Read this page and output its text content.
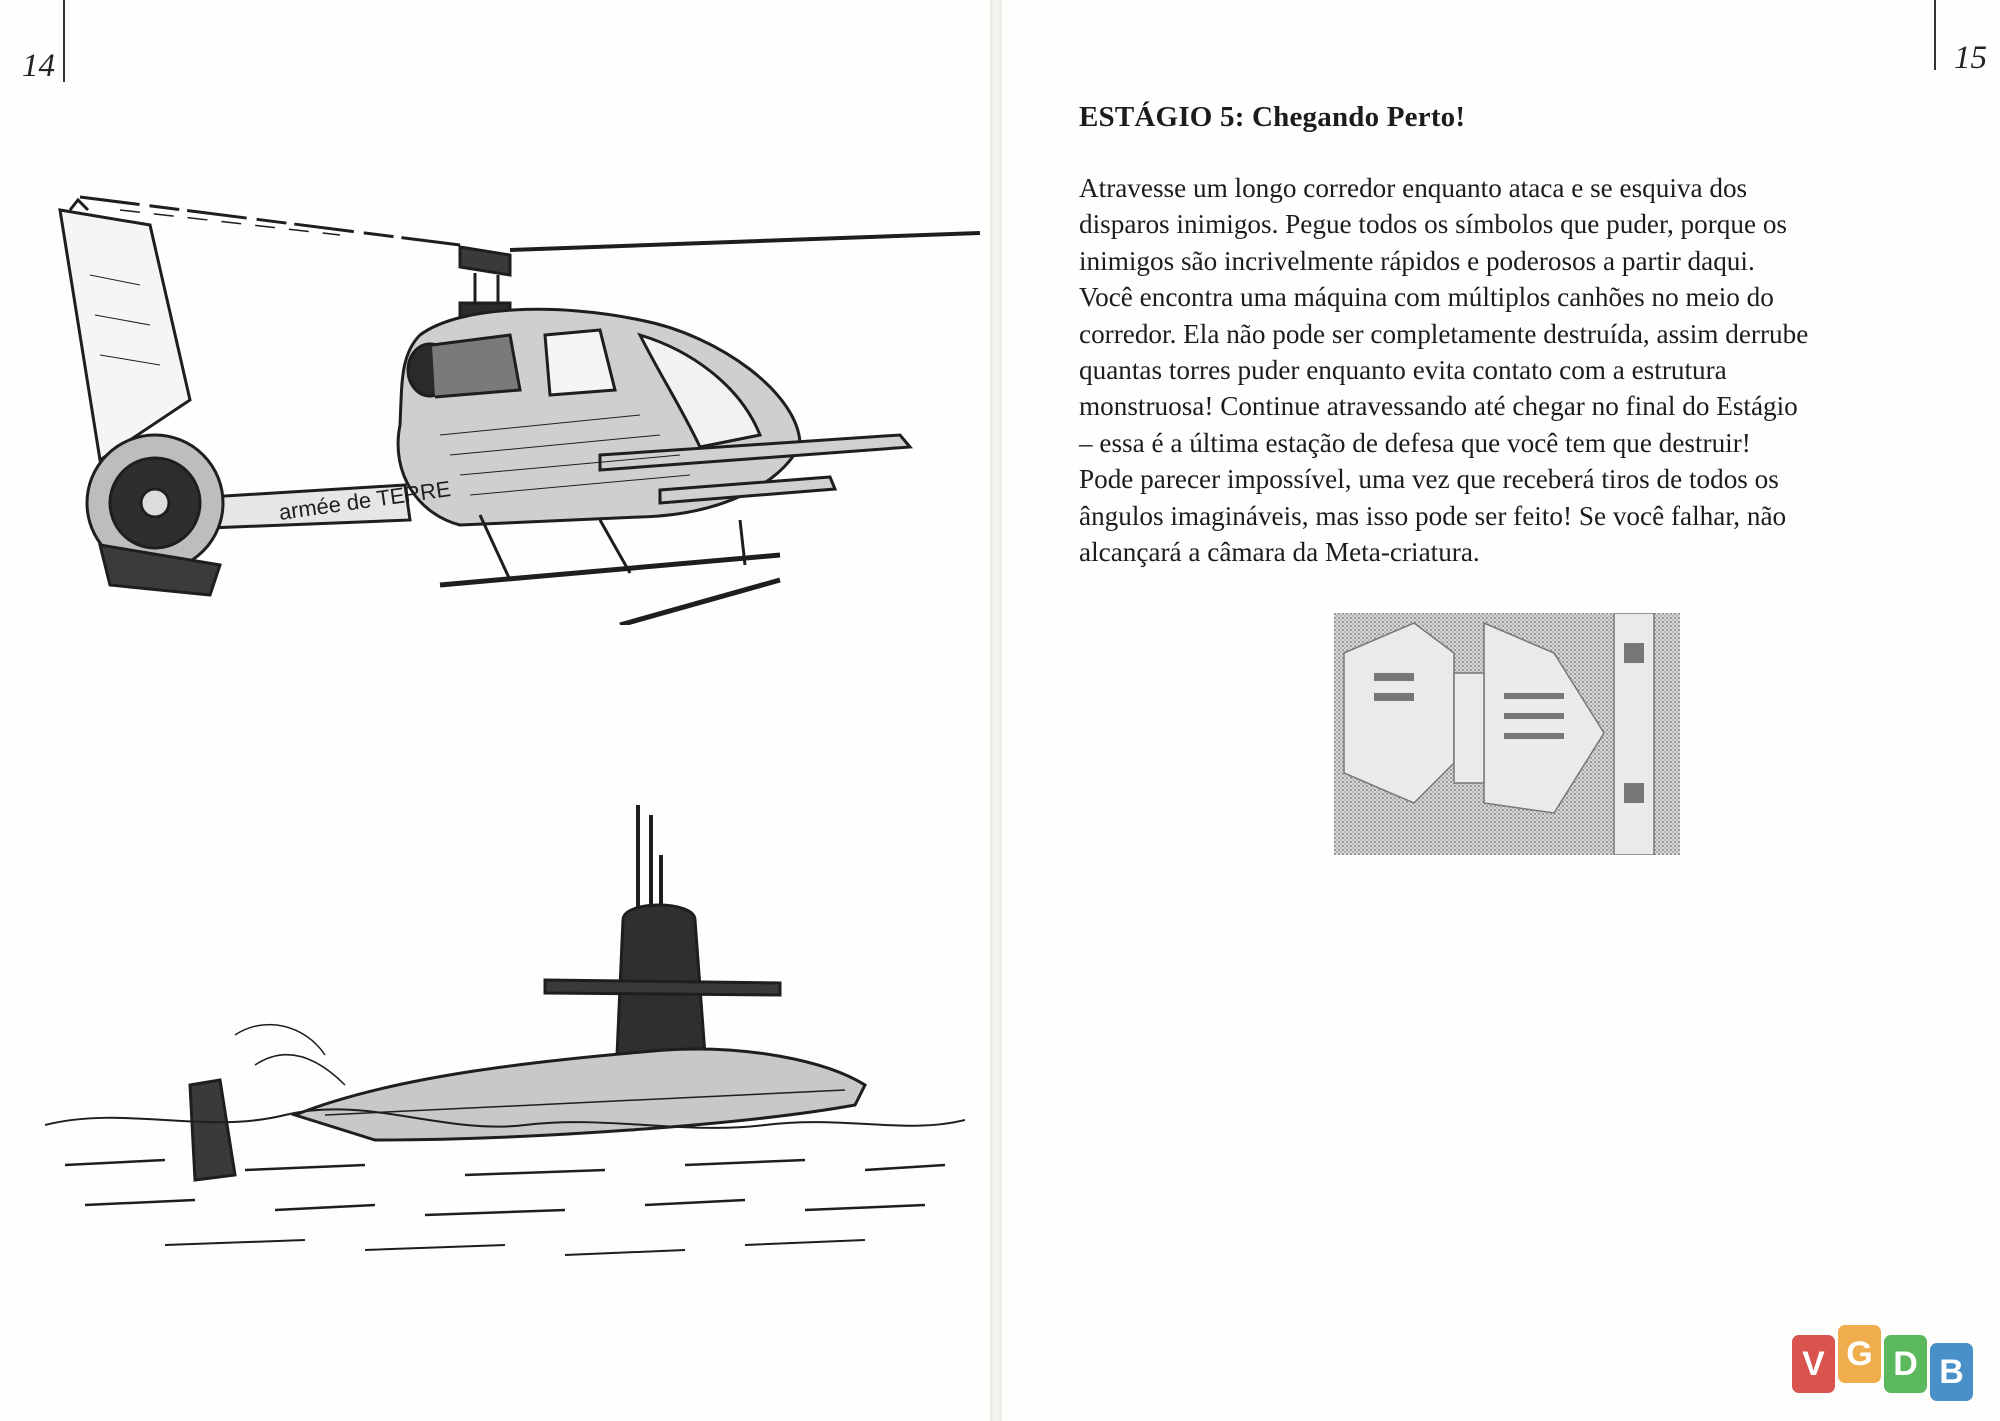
14	15
armée de TERRE
ESTÁGIO 5: Chegando Perto!
Atravesse um longo corredor enquanto ataca e se esquiva dos
disparos inimigos. Pegue todos os símbolos que puder, porque os
inimigos são incrivelmente rápidos e poderosos a partir daqui.
Você encontra uma máquina com múltiplos canhões no meio do
corredor. Ela não pode ser completamente destruída, assim derrube
quantas torres puder enquanto evita contato com a estrutura
monstruosa! Continue atravessando até chegar no final do Estágio
– essa é a última estação de defesa que você tem que destruir!
Pode parecer impossível, uma vez que receberá tiros de todos os
ângulos imagináveis, mas isso pode ser feito! Se você falhar, não
alcançará a câmara da Meta-criatura.
V G D B
